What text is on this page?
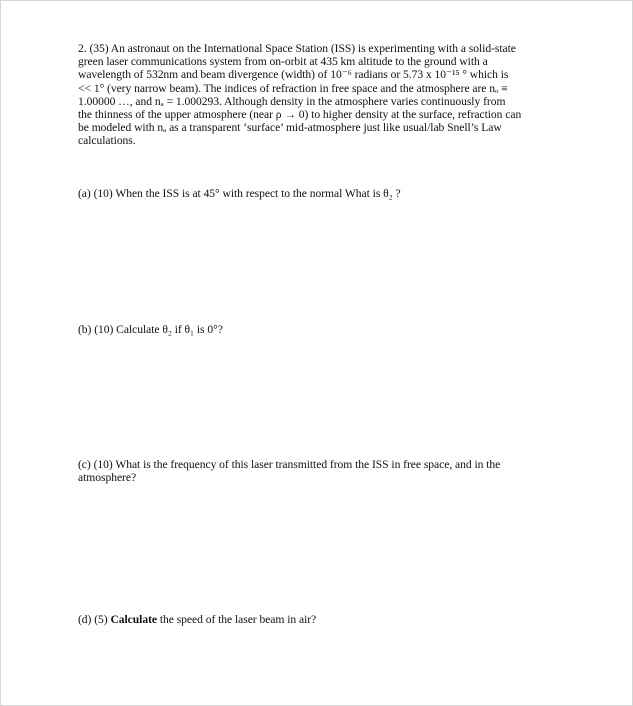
2. (35) An astronaut on the International Space Station (ISS) is experimenting with a solid-state
green laser communications system from on-orbit at 435 km altitude to the ground with a
wavelength of 532nm and beam divergence (width) of 10⁻⁶ radians or 5.73 x 10⁻¹⁵ ° which is
<< 1° (very narrow beam). The indices of refraction in free space and the atmosphere are nₒ ≡
1.00000 …, and nₐ = 1.000293. Although density in the atmosphere varies continuously from
the thinness of the upper atmosphere (near ρ → 0) to higher density at the surface, refraction can
be modeled with nₐ as a transparent ‘surface’ mid-atmosphere just like usual/lab Snell’s Law
calculations.
(a) (10) When the ISS is at 45° with respect to the normal What is θ₂ ?
(b) (10) Calculate θ₂ if θ₁ is 0°?
(c) (10) What is the frequency of this laser transmitted from the ISS in free space, and in the
atmosphere?
(d) (5) Calculate the speed of the laser beam in air?
